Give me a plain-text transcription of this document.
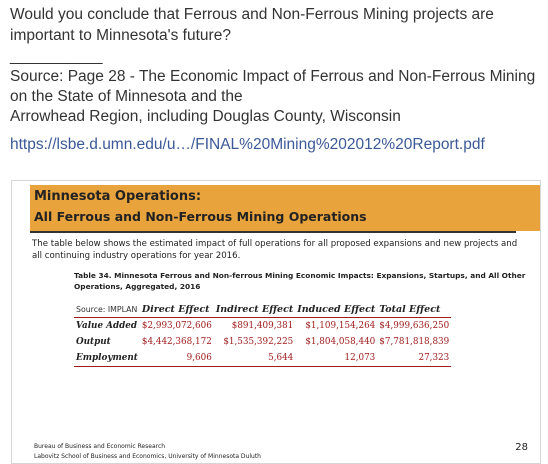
Would you conclude that Ferrous and Non-Ferrous Mining projects are important to Minnesota's future?

____________

Source: Page 28 - The Economic Impact of Ferrous and Non-Ferrous Mining
on the State of Minnesota and the
Arrowhead Region, including Douglas County, Wisconsin

https://lsbe.d.umn.edu/u…/FINAL%20Mining%202012%20Report.pdf
Minnesota Operations:
All Ferrous and Non-Ferrous Mining Operations
The table below shows the estimated impact of full operations for all proposed expansions and new projects and all continuing industry operations for year 2016.
Table 34. Minnesota Ferrous and Non-ferrous Mining Economic Impacts: Expansions, Startups, and All Other Operations, Aggregated, 2016
Source: IMPLAN	Direct Effect	Indirect Effect	Induced Effect	Total Effect
Value Added	$2,993,072,606	$891,409,381	$1,109,154,264	$4,999,636,250
Output	$4,442,368,172	$1,535,392,225	$1,804,058,440	$7,781,818,839
Employment	9,606	5,644	12,073	27,323
Bureau of Business and Economic Research
Labovitz School of Business and Economics, University of Minnesota Duluth
28
